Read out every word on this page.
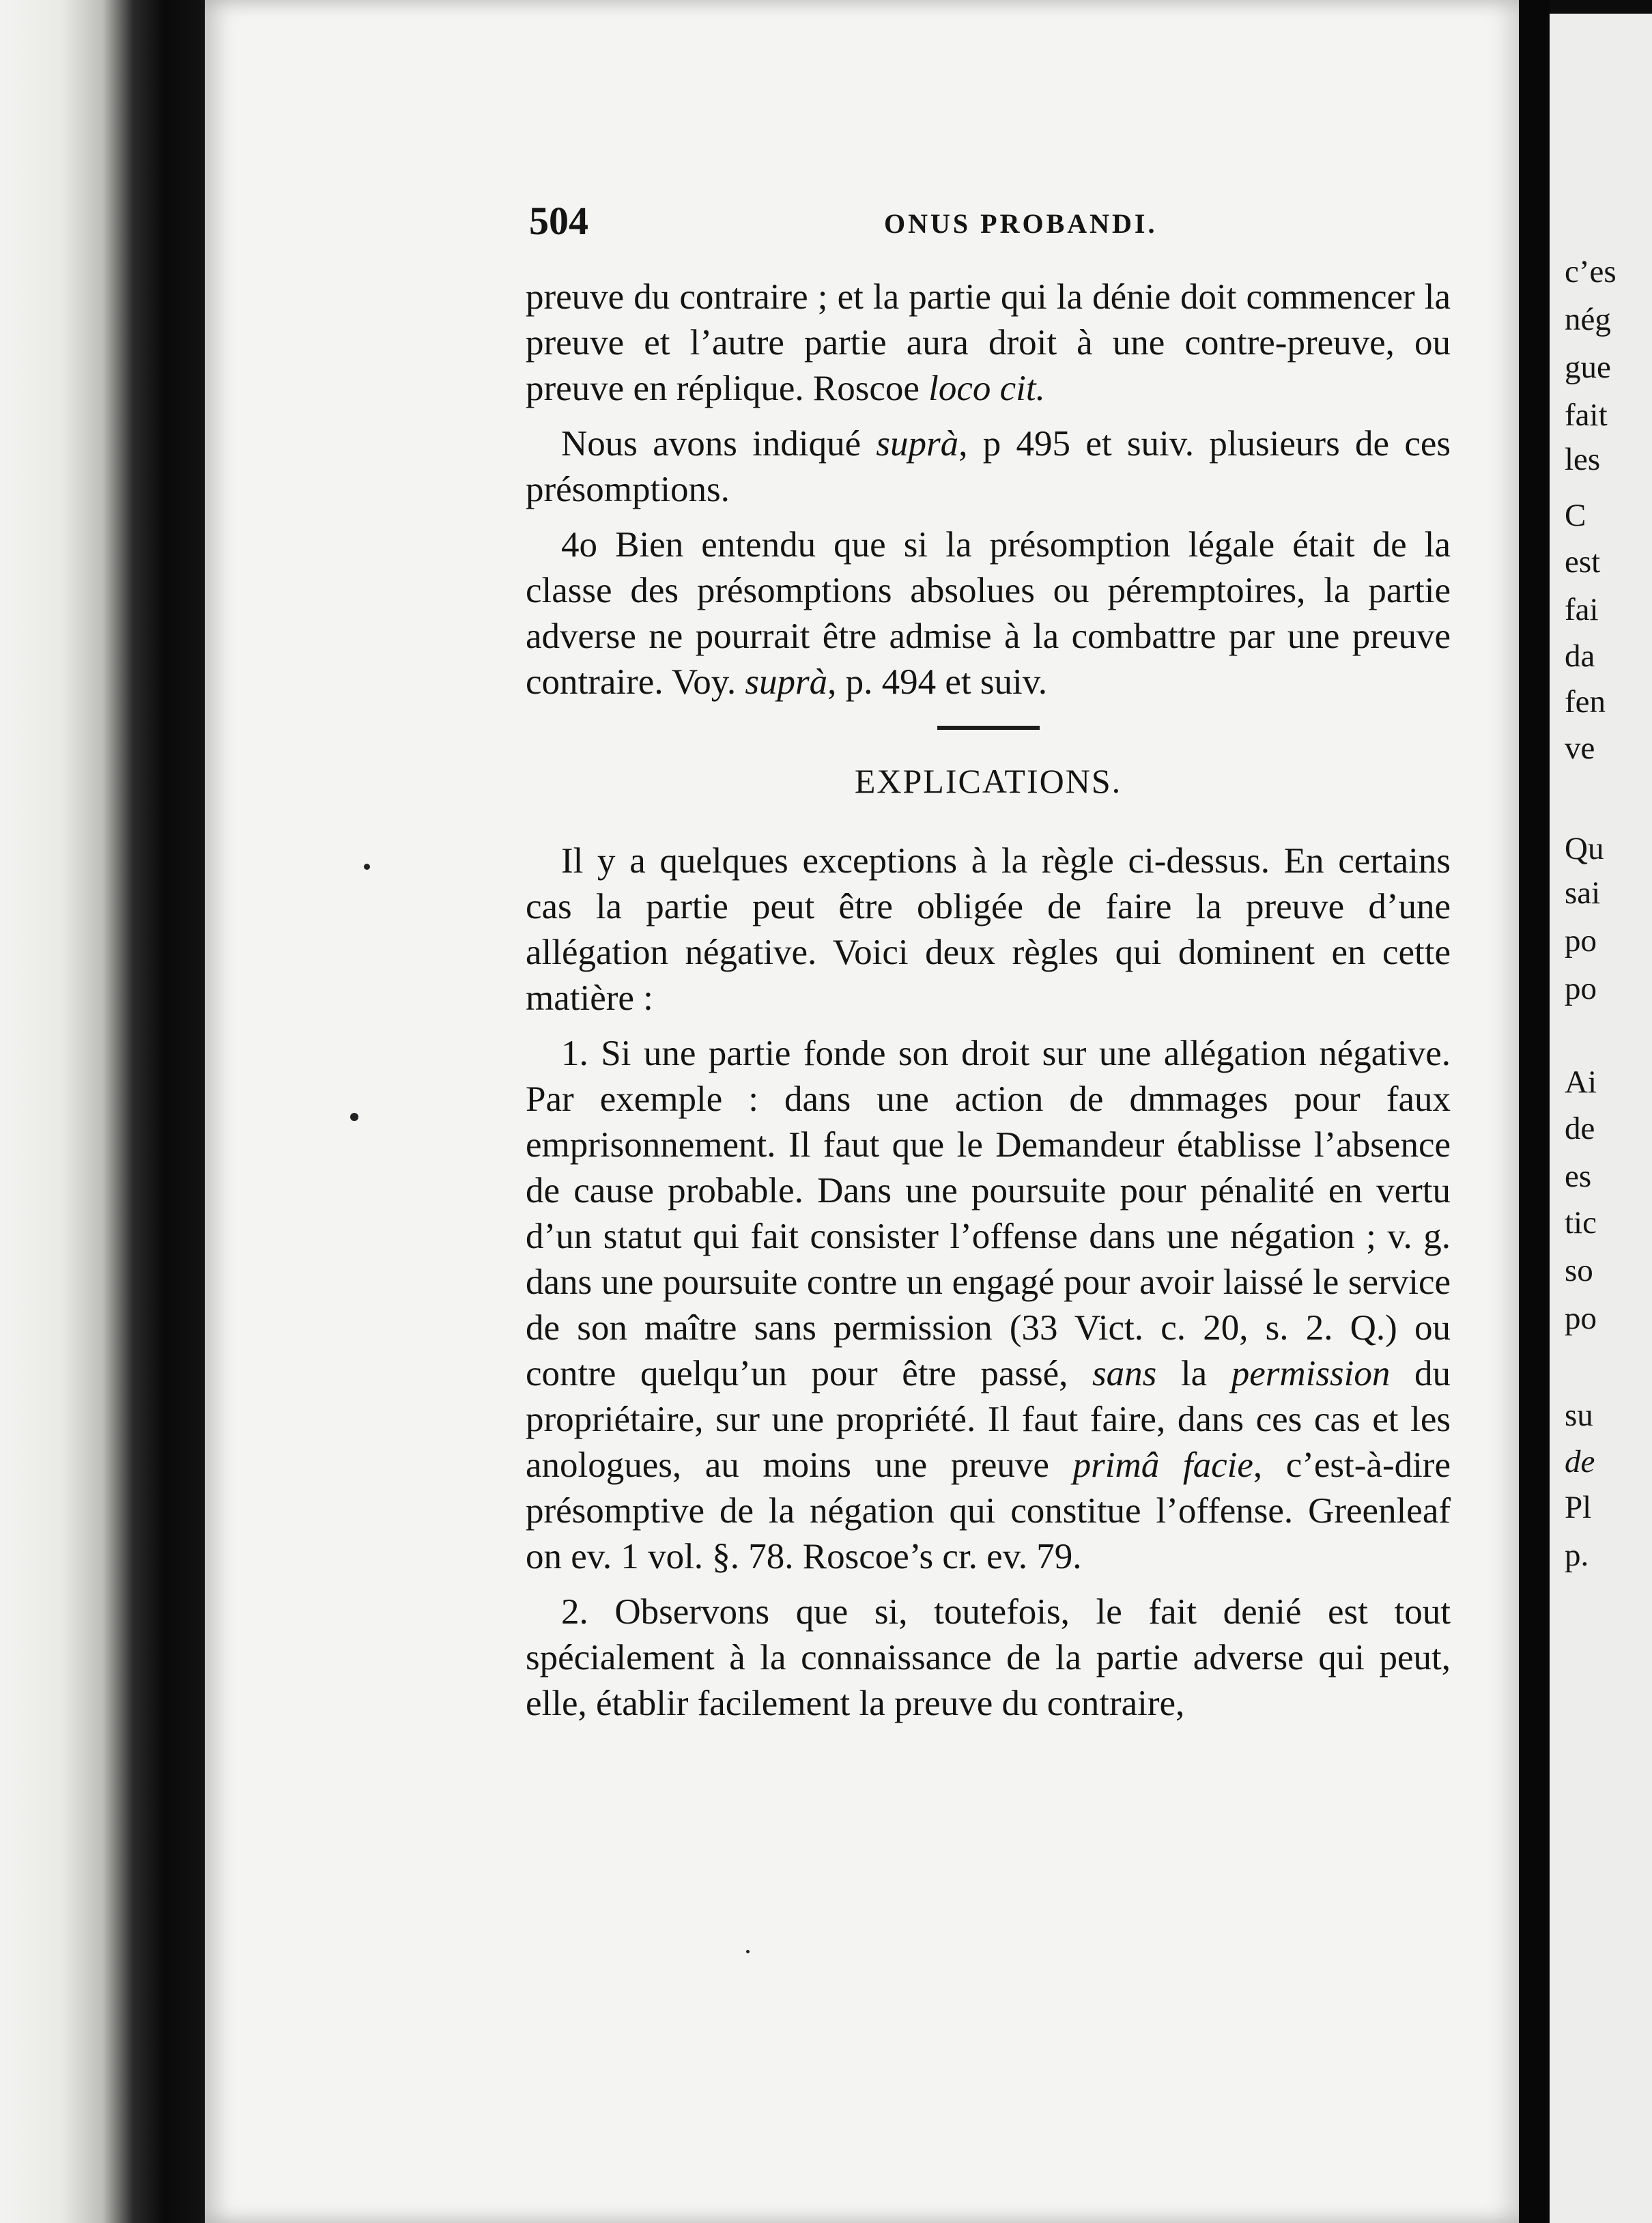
c’es
nég
gue
fait
les
C
est
fai
da
fen
ve
Qu
sai
po
po
Ai
de
es
tic
so
po
su
de
Pl
p.
504	ONUS PROBANDI.

preuve du contraire ; et la partie qui la dénie doit commencer la preuve et l’autre partie aura droit à une contre-preuve, ou preuve en réplique. Roscoe loco cit.

Nous avons indiqué suprà, p 495 et suiv. plusieurs de ces présomptions.

4o Bien entendu que si la présomption légale était de la classe des présomptions absolues ou péremptoires, la partie adverse ne pourrait être admise à la combattre par une preuve contraire. Voy. suprà, p. 494 et suiv.

EXPLICATIONS.

Il y a quelques exceptions à la règle ci-dessus. En certains cas la partie peut être obligée de faire la preuve d’une allégation négative. Voici deux règles qui dominent en cette matière :

1. Si une partie fonde son droit sur une allégation négative. Par exemple : dans une action de dmmages pour faux emprisonnement. Il faut que le Demandeur établisse l’absence de cause probable. Dans une poursuite pour pénalité en vertu d’un statut qui fait consister l’offense dans une négation ; v. g. dans une poursuite contre un engagé pour avoir laissé le service de son maître sans permission (33 Vict. c. 20, s. 2. Q.) ou contre quelqu’un pour être passé, sans la permission du propriétaire, sur une propriété. Il faut faire, dans ces cas et les anologues, au moins une preuve primâ facie, c’est-à-dire présomptive de la négation qui constitue l’offense. Greenleaf on ev. 1 vol. §. 78. Roscoe’s cr. ev. 79.

2. Observons que si, toutefois, le fait denié est tout spécialement à la connaissance de la partie adverse qui peut, elle, établir facilement la preuve du contraire,
